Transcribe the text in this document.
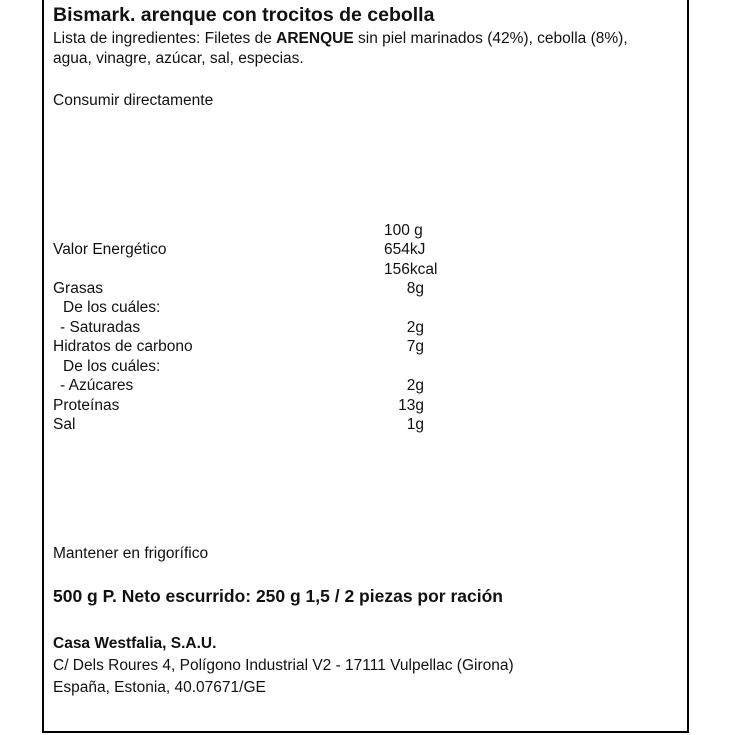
Bismark. arenque con trocitos de cebolla
Lista de ingredientes: Filetes de ARENQUE sin piel marinados (42%), cebolla (8%), agua, vinagre, azúcar, sal, especias.
Consumir directamente
100 g
Valor Energético	654kJ
156kcal
Grasas	8g
De los cuáles:
- Saturadas	2g
Hidratos de carbono	7g
De los cuáles:
- Azúcares	2g
Proteínas	13g
Sal	1g
Mantener en frigorífico
500 g P. Neto escurrido: 250 g 1,5 / 2 piezas por ración
Casa Westfalia, S.A.U.
C/ Dels Roures 4, Polígono Industrial V2 - 17111 Vulpellac (Girona)
España, Estonia, 40.07671/GE
